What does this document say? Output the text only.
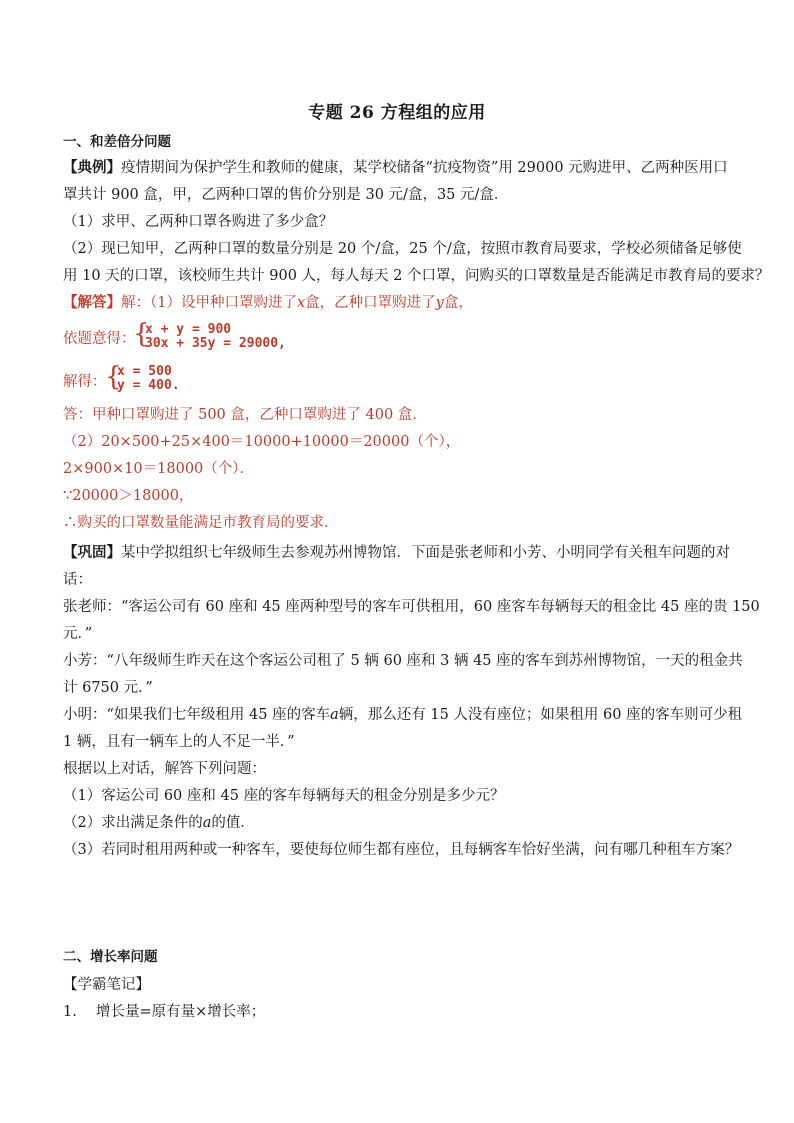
专题 26 方程组的应用
一、和差倍分问题
【典例】疫情期间为保护学生和教师的健康，某学校储备“抗疫物资”用 29000 元购进甲、乙两种医用口
罩共计 900 盒，甲，乙两种口罩的售价分别是 30 元/盒，35 元/盒．
（1）求甲、乙两种口罩各购进了多少盒？
（2）现已知甲，乙两种口罩的数量分别是 20 个/盒，25 个/盒，按照市教育局要求，学校必须储备足够使
用 10 天的口罩，该校师生共计 900 人，每人每天 2 个口罩，问购买的口罩数量是否能满足市教育局的要求？
【解答】解：（1）设甲种口罩购进了x盒，乙种口罩购进了y盒，
依题意得：
{
x + y = 900
30x + 35y = 29000,
解得：
{
x = 500
y = 400.
答：甲种口罩购进了 500 盒，乙种口罩购进了 400 盒．
（2）20×500+25×400＝10000+10000＝20000（个），
2×900×10＝18000（个）．
∵20000＞18000，
∴购买的口罩数量能满足市教育局的要求．
【巩固】某中学拟组织七年级师生去参观苏州博物馆．下面是张老师和小芳、小明同学有关租车问题的对
话：
张老师：“客运公司有 60 座和 45 座两种型号的客车可供租用，60 座客车每辆每天的租金比 45 座的贵 150
元．”
小芳：“八年级师生昨天在这个客运公司租了 5 辆 60 座和 3 辆 45 座的客车到苏州博物馆，一天的租金共
计 6750 元．”
小明：“如果我们七年级租用 45 座的客车a辆，那么还有 15 人没有座位；如果租用 60 座的客车则可少租
1 辆，且有一辆车上的人不足一半．”
根据以上对话，解答下列问题：
（1）客运公司 60 座和 45 座的客车每辆每天的租金分别是多少元？
（2）求出满足条件的a的值．
（3）若同时租用两种或一种客车，要使每位师生都有座位，且每辆客车恰好坐满，问有哪几种租车方案？
二、增长率问题
【学霸笔记】
1.　 增长量=原有量×增长率；
